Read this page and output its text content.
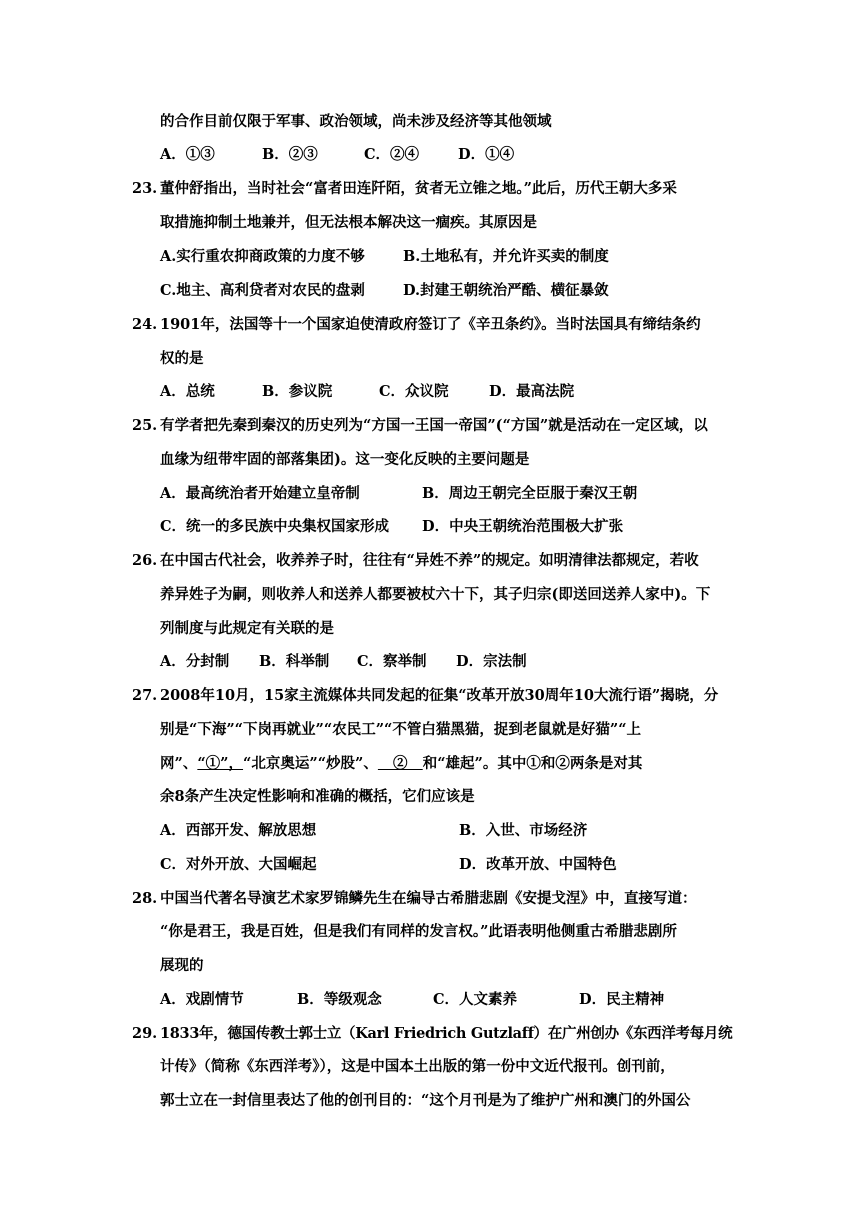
的合作目前仅限于军事、政治领域，尚未涉及经济等其他领域
A．①③	B．②③	C．②④	D．①④
23. 董仲舒指出，当时社会“富者田连阡陌，贫者无立锥之地。”此后，历代王朝大多采
取措施抑制土地兼并，但无法根本解决这一痼疾。其原因是
A.实行重农抑商政策的力度不够	B.土地私有，并允许买卖的制度
C.地主、高利贷者对农民的盘剥	D.封建王朝统治严酷、横征暴敛
24. 1901年，法国等十一个国家迫使清政府签订了《辛丑条约》。当时法国具有缔结条约
权的是
A．总统	B．参议院	C．众议院	D．最高法院
25. 有学者把先秦到秦汉的历史列为“方国一王国一帝国”(“方国”就是活动在一定区域，以
血缘为纽带牢固的部落集团)。这一变化反映的主要问题是
A．最高统治者开始建立皇帝制	B．周边王朝完全臣服于秦汉王朝
C．统一的多民族中央集权国家形成 D．中央王朝统治范围极大扩张
26. 在中国古代社会，收养养子时，往往有“异姓不养”的规定。如明清律法都规定，若收
养异姓子为嗣，则收养人和送养人都要被杖六十下，其子归宗(即送回送养人家中)。下
列制度与此规定有关联的是
A．分封制 B．科举制 C．察举制 D．宗法制
27. 2008年10月，15家主流媒体共同发起的征集“改革开放30周年10大流行语”揭晓，分
别是“下海”“下岗再就业”“农民工”“不管白猫黑猫，捉到老鼠就是好猫”“上
网”、“①”，“北京奥运”“炒股”、   ②   和“雄起”。其中①和②两条是对其
余8条产生决定性影响和准确的概括，它们应该是
A．西部开发、解放思想	B．入世、市场经济
C．对外开放、大国崛起	D．改革开放、中国特色
28. 中国当代著名导演艺术家罗锦鳞先生在编导古希腊悲剧《安提戈涅》中，直接写道：
“你是君王，我是百姓，但是我们有同样的发言权。”此语表明他侧重古希腊悲剧所
展现的
A．戏剧情节	B．等级观念	C．人文素养	D．民主精神
29. 1833年，德国传教士郭士立（Karl Friedrich Gutzlaff）在广州创办《东西洋考每月统
计传》（简称《东西洋考》），这是中国本土出版的第一份中文近代报刊。创刊前，
郭士立在一封信里表达了他的创刊目的：“这个月刊是为了维护广州和澳门的外国公
